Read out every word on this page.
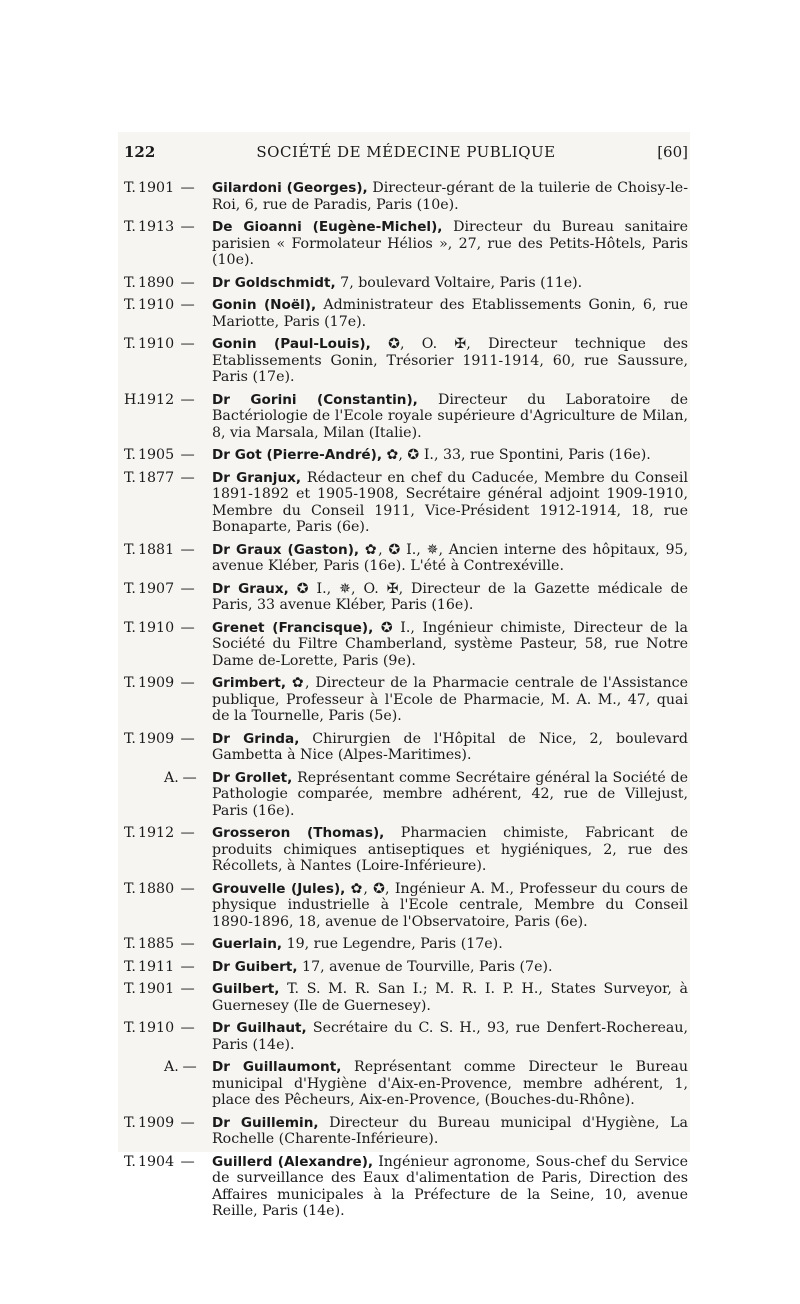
122	SOCIÉTÉ DE MÉDECINE PUBLIQUE	[60]
T. 1901 —	Gilardoni (Georges), Directeur-gérant de la tuilerie de Choisy-le-Roi, 6, rue de Paradis, Paris (10e).
T. 1913 —	De Gioanni (Eugène-Michel), Directeur du Bureau sanitaire parisien « Formolateur Hélios », 27, rue des Petits-Hôtels, Paris (10e).
T. 1890 —	Dr Goldschmidt, 7, boulevard Voltaire, Paris (11e).
T. 1910 —	Gonin (Noël), Administrateur des Etablissements Gonin, 6, rue Mariotte, Paris (17e).
T. 1910 —	Gonin (Paul-Louis), ✪, O. ✠, Directeur technique des Etablissements Gonin, Trésorier 1911-1914, 60, rue Saussure, Paris (17e).
H.1912 —	Dr Gorini (Constantin), Directeur du Laboratoire de Bactériologie de l'Ecole royale supérieure d'Agriculture de Milan, 8, via Marsala, Milan (Italie).
T. 1905 —	Dr Got (Pierre-André), ✿, ✪ I., 33, rue Spontini, Paris (16e).
T. 1877 —	Dr Granjux, Rédacteur en chef du Caducée, Membre du Conseil 1891-1892 et 1905-1908, Secrétaire général adjoint 1909-1910, Membre du Conseil 1911, Vice-Président 1912-1914, 18, rue Bonaparte, Paris (6e).
T. 1881 —	Dr Graux (Gaston), ✿, ✪ I., ✵, Ancien interne des hôpitaux, 95, avenue Kléber, Paris (16e). L'été à Contrexéville.
T. 1907 —	Dr Graux, ✪ I., ✵, O. ✠, Directeur de la Gazette médicale de Paris, 33 avenue Kléber, Paris (16e).
T. 1910 —	Grenet (Francisque), ✪ I., Ingénieur chimiste, Directeur de la Société du Filtre Chamberland, système Pasteur, 58, rue Notre Dame de-Lorette, Paris (9e).
T. 1909 —	Grimbert, ✿, Directeur de la Pharmacie centrale de l'Assistance publique, Professeur à l'Ecole de Pharmacie, M. A. M., 47, quai de la Tournelle, Paris (5e).
T. 1909 —	Dr Grinda, Chirurgien de l'Hôpital de Nice, 2, boulevard Gambetta à Nice (Alpes-Maritimes).
A. —	Dr Grollet, Représentant comme Secrétaire général la Société de Pathologie comparée, membre adhérent, 42, rue de Villejust, Paris (16e).
T. 1912 —	Grosseron (Thomas), Pharmacien chimiste, Fabricant de produits chimiques antiseptiques et hygiéniques, 2, rue des Récollets, à Nantes (Loire-Inférieure).
T. 1880 —	Grouvelle (Jules), ✿, ✪, Ingénieur A. M., Professeur du cours de physique industrielle à l'Ecole centrale, Membre du Conseil 1890-1896, 18, avenue de l'Observatoire, Paris (6e).
T. 1885 —	Guerlain, 19, rue Legendre, Paris (17e).
T. 1911 —	Dr Guibert, 17, avenue de Tourville, Paris (7e).
T. 1901 —	Guilbert, T. S. M. R. San I.; M. R. I. P. H., States Surveyor, à Guernesey (Ile de Guernesey).
T. 1910 —	Dr Guilhaut, Secrétaire du C. S. H., 93, rue Denfert-Rochereau, Paris (14e).
A. —	Dr Guillaumont, Représentant comme Directeur le Bureau municipal d'Hygiène d'Aix-en-Provence, membre adhérent, 1, place des Pêcheurs, Aix-en-Provence, (Bouches-du-Rhône).
T. 1909 —	Dr Guillemin, Directeur du Bureau municipal d'Hygiène, La Rochelle (Charente-Inférieure).
T. 1904 —	Guillerd (Alexandre), Ingénieur agronome, Sous-chef du Service de surveillance des Eaux d'alimentation de Paris, Direction des Affaires municipales à la Préfecture de la Seine, 10, avenue Reille, Paris (14e).
